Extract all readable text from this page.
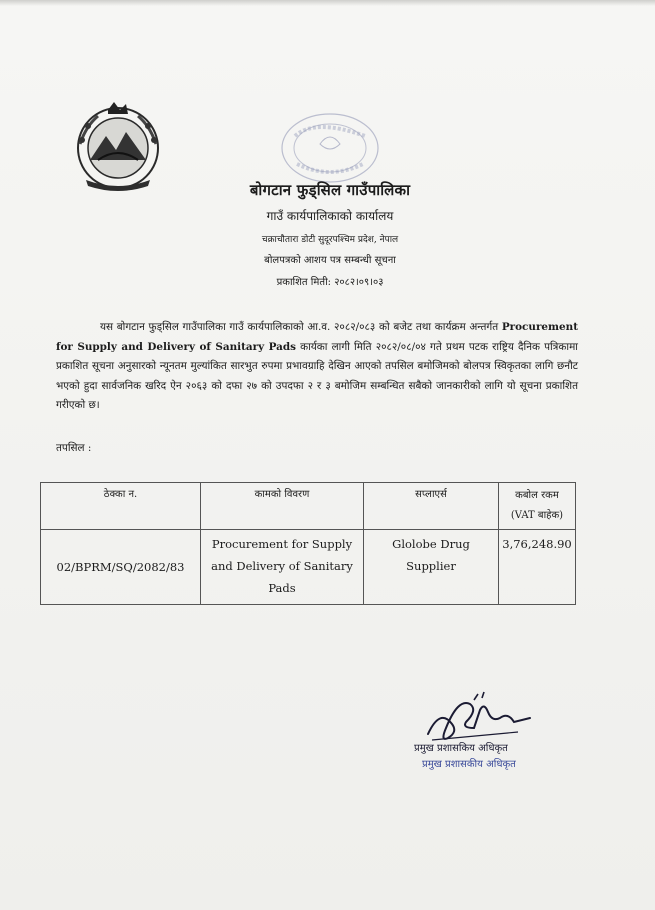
बोगटान फुड्सिल गाउँपालिका
गाउँ कार्यपालिकाको कार्यालय
चक्राचौतारा डोटी सुदूरपश्चिम प्रदेश, नेपाल
बोलपत्रको आशय पत्र सम्बन्धी सूचना
प्रकाशित मिती: २०८२।०९।०३
यस बोगटान फुड्सिल गाउँपालिका गाउँ कार्यपालिकाको आ.व. २०८२/०८३ को बजेट तथा कार्यक्रम अन्तर्गत Procurement for Supply and Delivery of Sanitary Pads कार्यका लागी मिति २०८२/०८/०४ गते प्रथम पटक राष्ट्रिय दैनिक पत्रिकामा प्रकाशित सूचना अनुसारको न्यूनतम मुल्यांकित सारभुत रुपमा प्रभावग्राहि देखिन आएको तपसिल बमोजिमको बोलपत्र स्विकृतका लागि छनौट भएको हुदा सार्वजनिक खरिद ऐन २०६३ को दफा २७ को उपदफा २ र ३ बमोजिम सम्बन्धित सबैको जानकारीको लागि यो सूचना प्रकाशित गरीएको छ।
तपसिल :
ठेक्का न.	कामको विवरण	सप्लाएर्स	कबोल रकम (VAT बाहेक)
02/BPRM/SQ/2082/83	Procurement for Supply and Delivery of Sanitary Pads	Glolobe Drug Supplier	3,76,248.90
प्रमुख प्रशासकिय अधिकृत
प्रमुख प्रशासकीय अधिकृत
